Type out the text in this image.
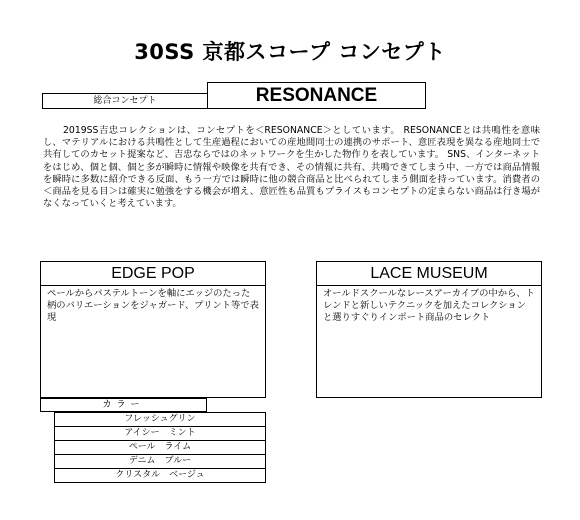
30SS 京都スコープ コンセプト
総合コンセプト	RESONANCE
2019SS吉忠コレクションは、コンセプトを＜RESONANCE＞としています。 RESONANCEとは共鳴性を意味し、マテリアルにおける共鳴性として生産過程においての産地間同士の連携のサポート、意匠表現を異なる産地同士で共有してのカセット提案など、吉忠ならではのネットワークを生かした物作りを表しています。 SNS、インターネットをはじめ、個と個、個と多が瞬時に情報や映像を共有でき、その情報に共有、共鳴できてしまう中、一方では商品情報を瞬時に多数に紹介できる反面、もう一方では瞬時に他の競合商品と比べられてしまう側面を持っています。消費者の＜商品を見る目＞は確実に勉強をする機会が増え、意匠性も品質もプライスもコンセプトの定まらない商品は行き場がなくなっていくと考えています。
EDGE POP
ペールからパステルトーンを軸にエッジのたった柄のバリエーションをジャガード、プリント等で表現
LACE MUSEUM
オールドスクールなレースアーカイブの中から、トレンドと新しいテクニックを加えたコレクションと選りすぐりインポート商品のセレクト
カラー
フレッシュグリン
アイシー　ミント
ペール　ライム
デニム　ブルー
クリスタル　ベージュ
